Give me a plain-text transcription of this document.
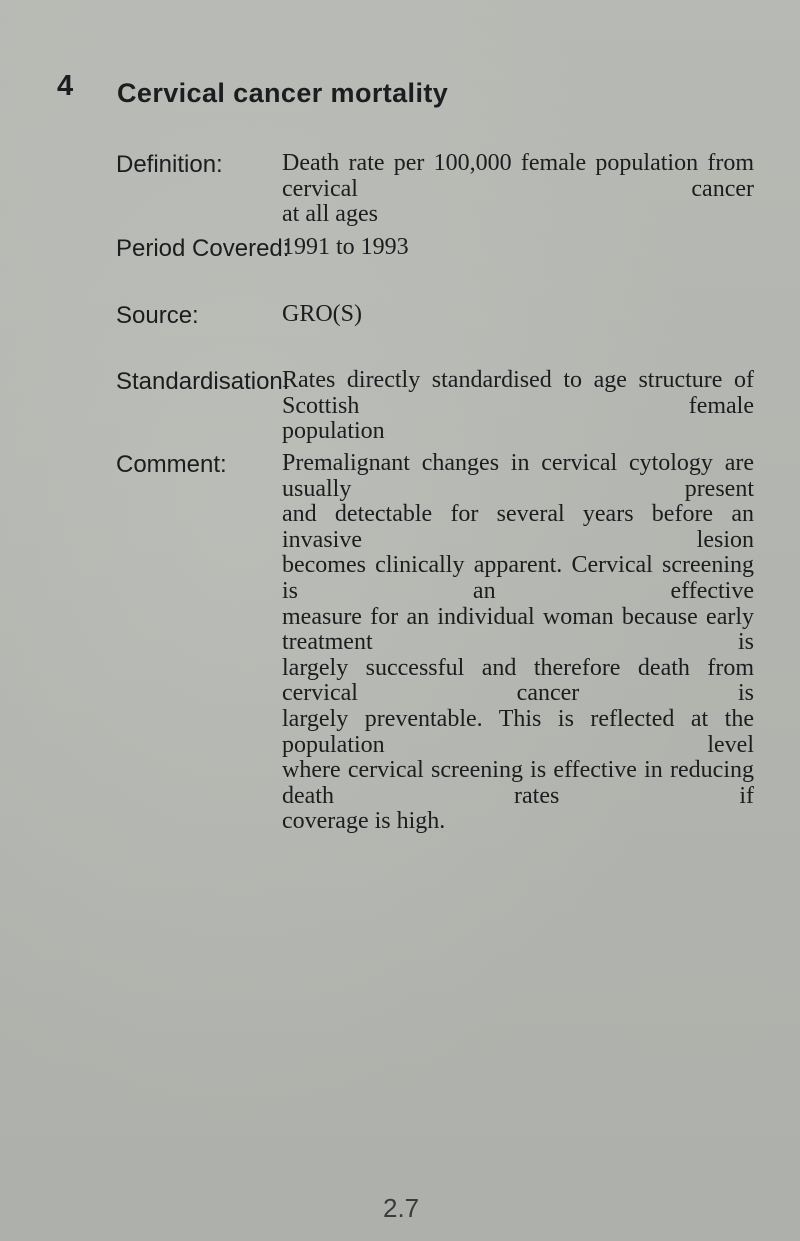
4 Cervical cancer mortality
Definition: Death rate per 100,000 female population from cervical cancer
at all ages
Period Covered:
1991 to 1993
Source:	GRO(S)
Standardisation:
Rates directly standardised to age structure of Scottish female
population
Comment: Premalignant changes in cervical cytology are usually present
and detectable for several years before an invasive lesion
becomes clinically apparent. Cervical screening is an effective
measure for an individual woman because early treatment is
largely successful and therefore death from cervical cancer is
largely preventable. This is reflected at the population level
where cervical screening is effective in reducing death rates if
coverage is high.
2.7
